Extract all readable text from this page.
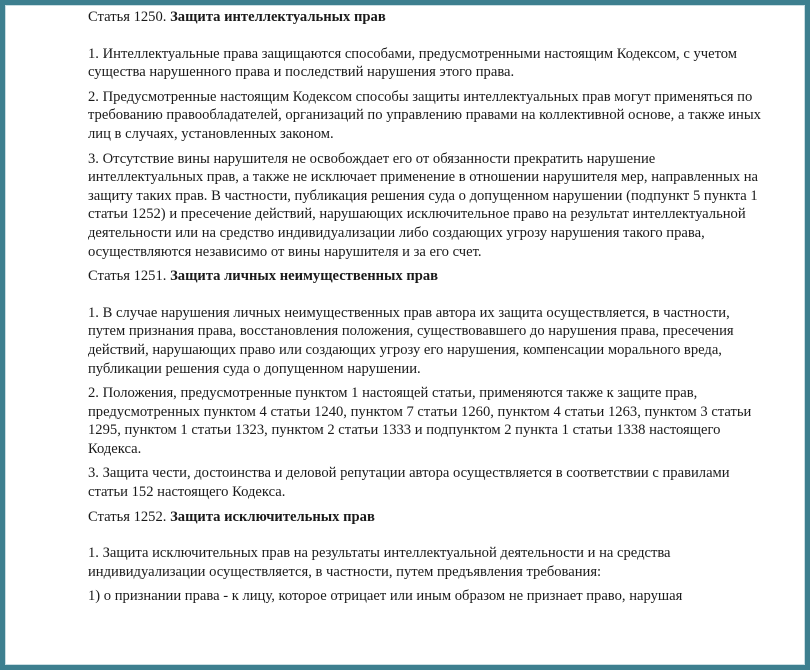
Статья 1250. Защита интеллектуальных прав

1. Интеллектуальные права защищаются способами, предусмотренными настоящим Кодексом, с учетом существа нарушенного права и последствий нарушения этого права.

2. Предусмотренные настоящим Кодексом способы защиты интеллектуальных прав могут применяться по требованию правообладателей, организаций по управлению правами на коллективной основе, а также иных лиц в случаях, установленных законом.

3. Отсутствие вины нарушителя не освобождает его от обязанности прекратить нарушение интеллектуальных прав, а также не исключает применение в отношении нарушителя мер, направленных на защиту таких прав. В частности, публикация решения суда о допущенном нарушении (подпункт 5 пункта 1 статьи 1252) и пресечение действий, нарушающих исключительное право на результат интеллектуальной деятельности или на средство индивидуализации либо создающих угрозу нарушения такого права, осуществляются независимо от вины нарушителя и за его счет.

Статья 1251. Защита личных неимущественных прав

1. В случае нарушения личных неимущественных прав автора их защита осуществляется, в частности, путем признания права, восстановления положения, существовавшего до нарушения права, пресечения действий, нарушающих право или создающих угрозу его нарушения, компенсации морального вреда, публикации решения суда о допущенном нарушении.

2. Положения, предусмотренные пунктом 1 настоящей статьи, применяются также к защите прав, предусмотренных пунктом 4 статьи 1240, пунктом 7 статьи 1260, пунктом 4 статьи 1263, пунктом 3 статьи 1295, пунктом 1 статьи 1323, пунктом 2 статьи 1333 и подпунктом 2 пункта 1 статьи 1338 настоящего Кодекса.

3. Защита чести, достоинства и деловой репутации автора осуществляется в соответствии с правилами статьи 152 настоящего Кодекса.

Статья 1252. Защита исключительных прав

1. Защита исключительных прав на результаты интеллектуальной деятельности и на средства индивидуализации осуществляется, в частности, путем предъявления требования:

1) о признании права - к лицу, которое отрицает или иным образом не признает право, нарушая
